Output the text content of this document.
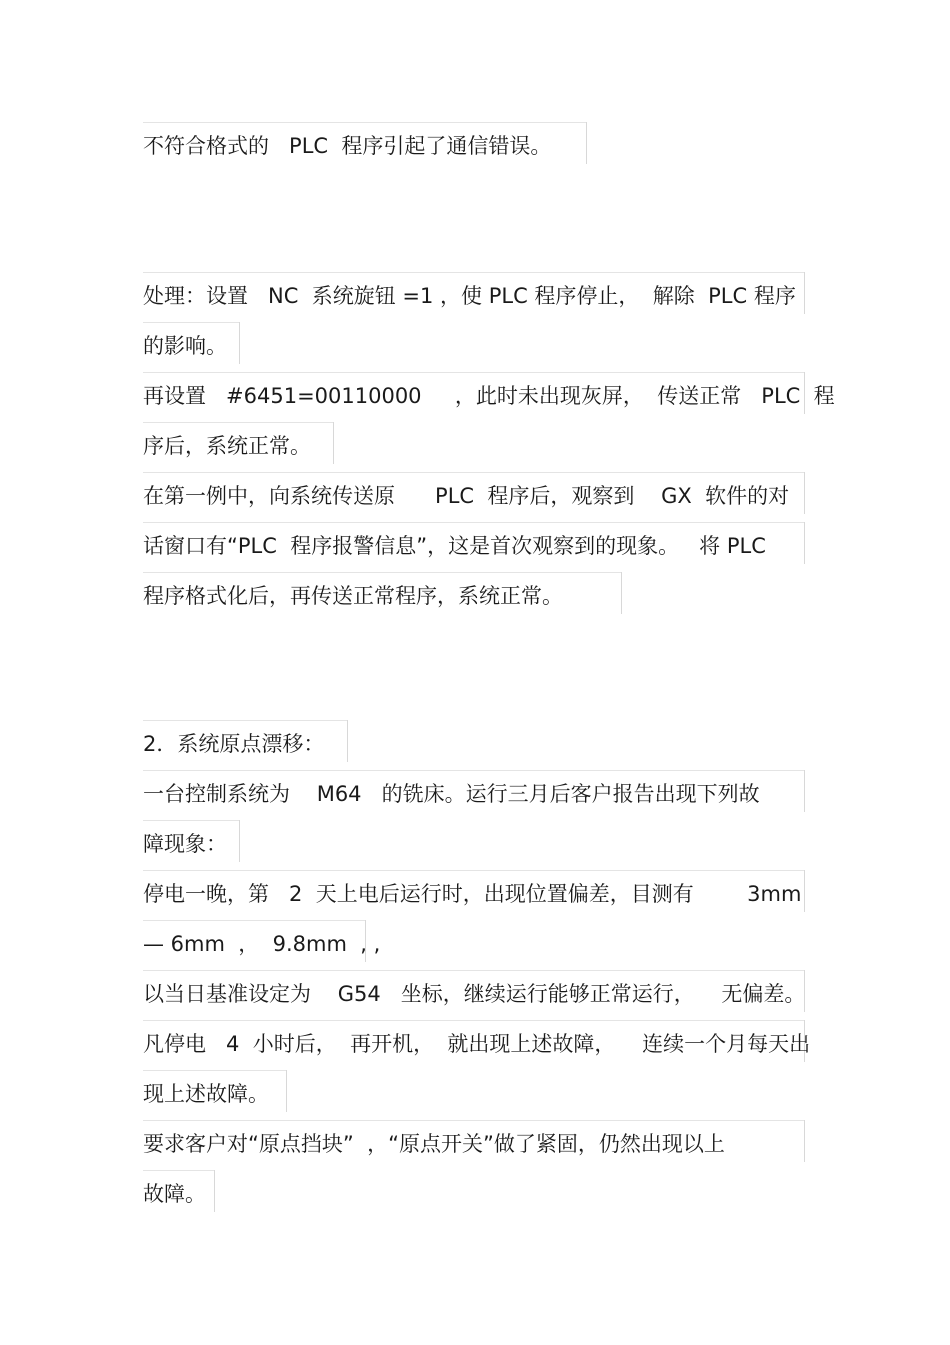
不符合格式的   PLC  程序引起了通信错误。
处理：设置   NC  系统旋钮 =1 ，使 PLC 程序停止，  解除  PLC 程序
的影响。
再设置   #6451=00110000     ，此时未出现灰屏，  传送正常   PLC  程
序后，系统正常。
在第一例中，向系统传送原      PLC  程序后，观察到    GX  软件的对
话窗口有“PLC  程序报警信息”，这是首次观察到的现象。   将 PLC
程序格式化后，再传送正常程序，系统正常。
2．系统原点漂移：
一台控制系统为    M64   的铣床。运行三月后客户报告出现下列故
障现象：
停电一晚，第   2  天上电后运行时，出现位置偏差，目测有        3mm
— 6mm  ，  9.8mm  , ,
以当日基准设定为    G54   坐标，继续运行能够正常运行，    无偏差。
凡停电   4  小时后，  再开机，  就出现上述故障，    连续一个月每天出
现上述故障。
要求客户对“原点挡块”  ，“原点开关”做了紧固，仍然出现以上
故障。
